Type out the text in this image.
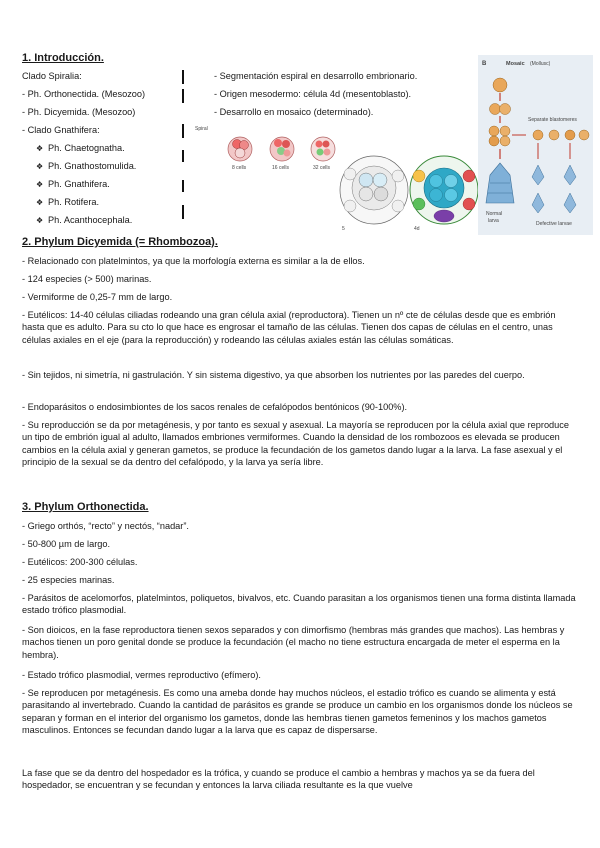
1. Introducción.

Clado Spiralia:

- Ph. Orthonectida. (Mesozoo)

- Ph. Dicyemida. (Mesozoo)

- Clado Gnathifera:

❖ Ph. Chaetognatha.

❖ Ph. Gnathostomulida.

❖ Ph. Gnathifera.

❖ Ph. Rotifera.

❖ Ph. Acanthocephala.

- Segmentación espiral en desarrollo embrionario.

- Origen mesodermo: célula 4d (mesentoblasto).

- Desarrollo en mosaico (determinado).

Spiral
8 cells	16 cells	32 cells
5	4d
B	Mosaic (Mollusc)
Normal
larva
Separate blastomeres
Defective larvae
2. Phylum Dicyemida (= Rhombozoa).

- Relacionado con platelmintos, ya que la morfología externa es similar a la de ellos.

- 124 especies (> 500) marinas.

- Vermiforme de 0,25-7 mm de largo.

- Eutélicos: 14-40 células ciliadas rodeando una gran célula axial (reproductora). Tienen un nº cte de células desde que es embrión hasta que es adulto. Para su cto lo que hace es engrosar el tamaño de las células. Tienen dos capas de células en el centro, unas células axiales en el eje (para la reproducción) y rodeando las células axiales están las células somáticas.

- Sin tejidos, ni simetría, ni gastrulación. Y sin sistema digestivo, ya que absorben los nutrientes por las paredes del cuerpo.

- Endoparásitos o endosimbiontes de los sacos renales de cefalópodos bentónicos (90-100%).

- Su reproducción se da por metagénesis, y por tanto es sexual y asexual. La mayoría se reproducen por la célula axial que reproduce un tipo de embrión igual al adulto, llamados embriones vermiformes. Cuando la densidad de los rombozoos es elevada se producen cambios en la célula axial y generan gametos, se produce la fecundación de los gametos dando lugar a la larva. La fase asexual y el principio de la sexual se da dentro del cefalópodo, y la larva ya sería libre.

3. Phylum Orthonectida.

- Griego orthós, “recto” y nectós, “nadar”.

- 50-800 µm de largo.

- Eutélicos: 200-300 células.

- 25 especies marinas.

- Parásitos de acelomorfos, platelmintos, poliquetos, bivalvos, etc. Cuando parasitan a los organismos tienen una forma distinta llamada estado trófico plasmodial.

- Son dioicos, en la fase reproductora tienen sexos separados y con dimorfismo (hembras más grandes que machos). Las hembras y machos tienen un poro genital donde se produce la fecundación (el macho no tiene estructura encargada de meter el esperma en la hembra).

- Estado trófico plasmodial, vermes reproductivo (efímero).

- Se reproducen por metagénesis. Es como una ameba donde hay muchos núcleos, el estadio trófico es cuando se alimenta y está parasitando al invertebrado. Cuando la cantidad de parásitos es grande se produce un cambio en los organismos donde los núcleos se separan y forman en el interior del organismo los gametos, donde las hembras tienen gametos femeninos y los machos gametos masculinos. Entonces se fecundan dando lugar a la larva que es capaz de dispersarse.

La fase que se da dentro del hospedador es la trófica, y cuando se produce el cambio a hembras y machos ya se da fuera del hospedador, se encuentran y se fecundan y entonces la larva ciliada resultante es la que vuelve
